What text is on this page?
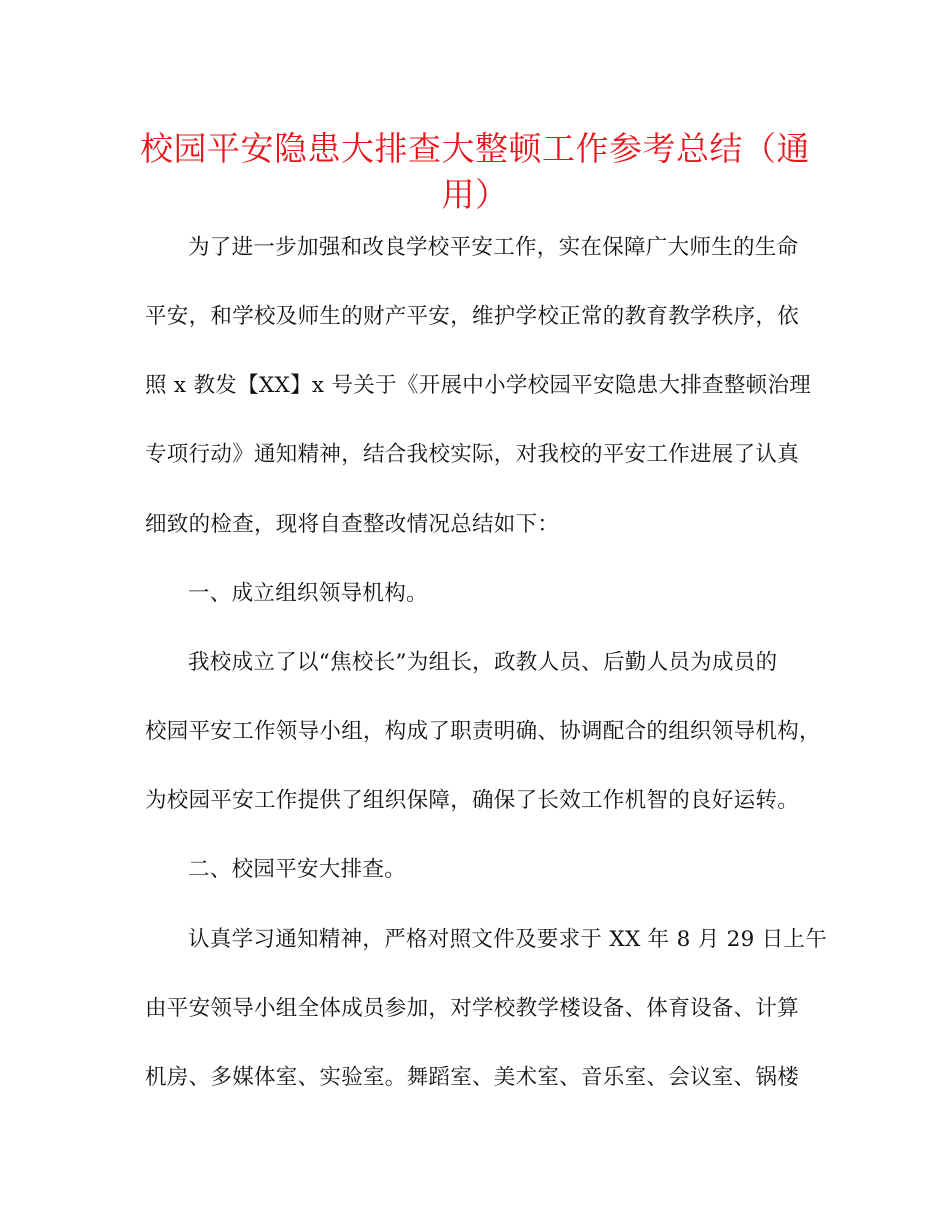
校园平安隐患大排查大整顿工作参考总结（通用）
为了进一步加强和改良学校平安工作，实在保障广大师生的生命
平安，和学校及师生的财产平安，维护学校正常的教育教学秩序，依
照 x 教发【XX】x 号关于《开展中小学校园平安隐患大排查整顿治理
专项行动》通知精神，结合我校实际，对我校的平安工作进展了认真
细致的检查，现将自查整改情况总结如下：
一、成立组织领导机构。
我校成立了以“焦校长”为组长，政教人员、后勤人员为成员的
校园平安工作领导小组，构成了职责明确、协调配合的组织领导机构，
为校园平安工作提供了组织保障，确保了长效工作机智的良好运转。
二、校园平安大排查。
认真学习通知精神，严格对照文件及要求于 XX 年 8 月 29 日上午
由平安领导小组全体成员参加，对学校教学楼设备、体育设备、计算
机房、多媒体室、实验室。舞蹈室、美术室、音乐室、会议室、锅楼
